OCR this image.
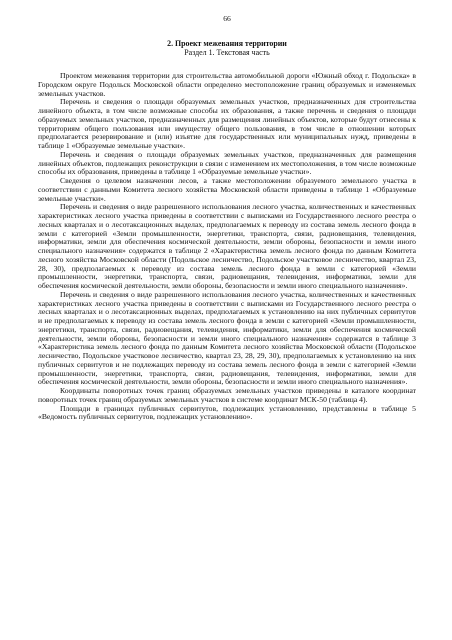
66
2. Проект межевания территории
Раздел 1. Текстовая часть

Проектом межевания территории для строительства автомобильной дороги «Южный обход г. Подольска» в Городском округе Подольск Московской области определено местоположение границ образуемых и изменяемых земельных участков.

Перечень и сведения о площади образуемых земельных участков, предназначенных для строительства линейного объекта, в том числе возможные способы их образования, а также перечень и сведения о площади образуемых земельных участков, предназначенных для размещения линейных объектов, которые будут отнесены к территориям общего пользования или имуществу общего пользования, в том числе в отношении которых предполагается резервирование и (или) изъятие для государственных или муниципальных нужд, приведены в таблице 1 «Образуемые земельные участки».

Перечень и сведения о площади образуемых земельных участков, предназначенных для размещения линейных объектов, подлежащих реконструкции в связи с изменением их местоположения, в том числе возможные способы их образования, приведены в таблице 1 «Образуемые земельные участки».

Сведения о целевом назначении лесов, а также местоположении образуемого земельного участка в соответствии с данными Комитета лесного хозяйства Московской области приведены в таблице 1 «Образуемые земельные участки».

Перечень и сведения о виде разрешенного использования лесного участка, количественных и качественных характеристиках лесного участка приведены в соответствии с выписками из Государственного лесного реестра о лесных кварталах и о лесотаксационных выделах, предполагаемых к переводу из состава земель лесного фонда в земли с категорией «Земли промышленности, энергетики, транспорта, связи, радиовещания, телевидения, информатики, земли для обеспечения космической деятельности, земли обороны, безопасности и земли иного специального назначения» содержатся в таблице 2 «Характеристика земель лесного фонда по данным Комитета лесного хозяйства Московской области (Подольское лесничество, Подольское участковое лесничество, квартал 23, 28, 30), предполагаемых к переводу из состава земель лесного фонда в земли с категорией «Земли промышленности, энергетики, транспорта, связи, радиовещания, телевидения, информатики, земли для обеспечения космической деятельности, земли обороны, безопасности и земли иного специального назначения».

Перечень и сведения о виде разрешенного использования лесного участка, количественных и качественных характеристиках лесного участка приведены в соответствии с выписками из Государственного лесного реестра о лесных кварталах и о лесотаксационных выделах, предполагаемых к установлению на них публичных сервитутов и не предполагаемых к переводу из состава земель лесного фонда в земли с категорией «Земли промышленности, энергетики, транспорта, связи, радиовещания, телевидения, информатики, земли для обеспечения космической деятельности, земли обороны, безопасности и земли иного специального назначения» содержатся в таблице 3 «Характеристика земель лесного фонда по данным Комитета лесного хозяйства Московской области (Подольское лесничество, Подольское участковое лесничество, квартал 23, 28, 29, 30), предполагаемых к установлению на них публичных сервитутов и не подлежащих переводу из состава земель лесного фонда в земли с категорией «Земли промышленности, энергетики, транспорта, связи, радиовещания, телевидения, информатики, земли для обеспечения космической деятельности, земли обороны, безопасности и земли иного специального назначения».

Координаты поворотных точек границ образуемых земельных участков приведены в каталоге координат поворотных точек границ образуемых земельных участков в системе координат МСК-50 (таблица 4).

Площади в границах публичных сервитутов, подлежащих установлению, представлены в таблице 5 «Ведомость публичных сервитутов, подлежащих установлению».
